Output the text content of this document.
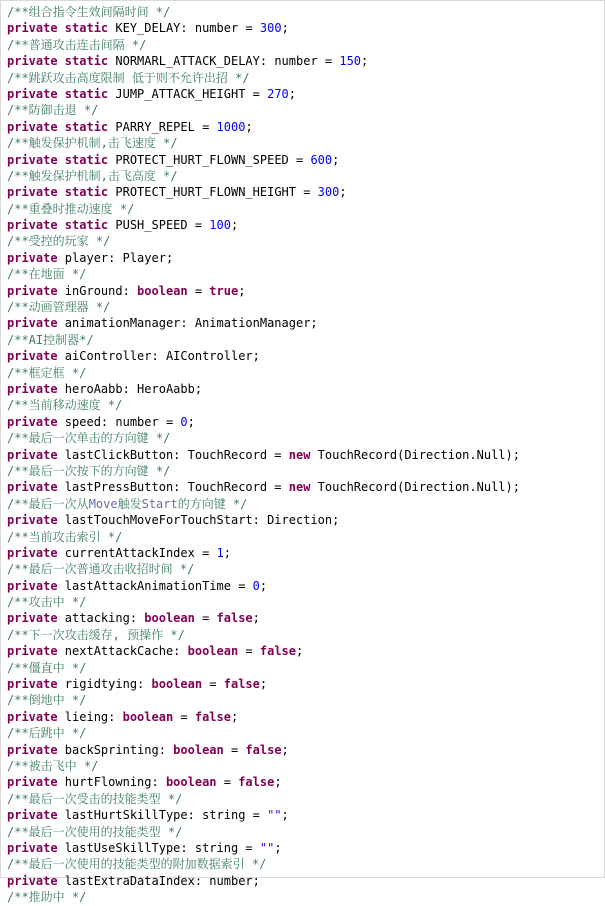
/**组合指令生效间隔时间 */
private static KEY_DELAY: number = 300;
/**普通攻击连击间隔 */
private static NORMARL_ATTACK_DELAY: number = 150;
/**跳跃攻击高度限制 低于则不允许出招 */
private static JUMP_ATTACK_HEIGHT = 270;
/**防御击退 */
private static PARRY_REPEL = 1000;
/**触发保护机制,击飞速度 */
private static PROTECT_HURT_FLOWN_SPEED = 600;
/**触发保护机制,击飞高度 */
private static PROTECT_HURT_FLOWN_HEIGHT = 300;
/**重叠时推动速度 */
private static PUSH_SPEED = 100;
/**受控的玩家 */
private player: Player;
/**在地面 */
private inGround: boolean = true;
/**动画管理器 */
private animationManager: AnimationManager;
/**AI控制器*/
private aiController: AIController;
/**框定框 */
private heroAabb: HeroAabb;
/**当前移动速度 */
private speed: number = 0;
/**最后一次单击的方向键 */
private lastClickButton: TouchRecord = new TouchRecord(Direction.Null);
/**最后一次按下的方向键 */
private lastPressButton: TouchRecord = new TouchRecord(Direction.Null);
/**最后一次从Move触发Start的方向键 */
private lastTouchMoveForTouchStart: Direction;
/**当前攻击索引 */
private currentAttackIndex = 1;
/**最后一次普通攻击收招时间 */
private lastAttackAnimationTime = 0;
/**攻击中 */
private attacking: boolean = false;
/**下一次攻击缓存, 预操作 */
private nextAttackCache: boolean = false;
/**僵直中 */
private rigidtying: boolean = false;
/**倒地中 */
private lieing: boolean = false;
/**后跳中 */
private backSprinting: boolean = false;
/**被击飞中 */
private hurtFlowning: boolean = false;
/**最后一次受击的技能类型 */
private lastHurtSkillType: string = "";
/**最后一次使用的技能类型 */
private lastUseSkillType: string = "";
/**最后一次使用的技能类型的附加数据索引 */
private lastExtraDataIndex: number;
/**推助中 */
